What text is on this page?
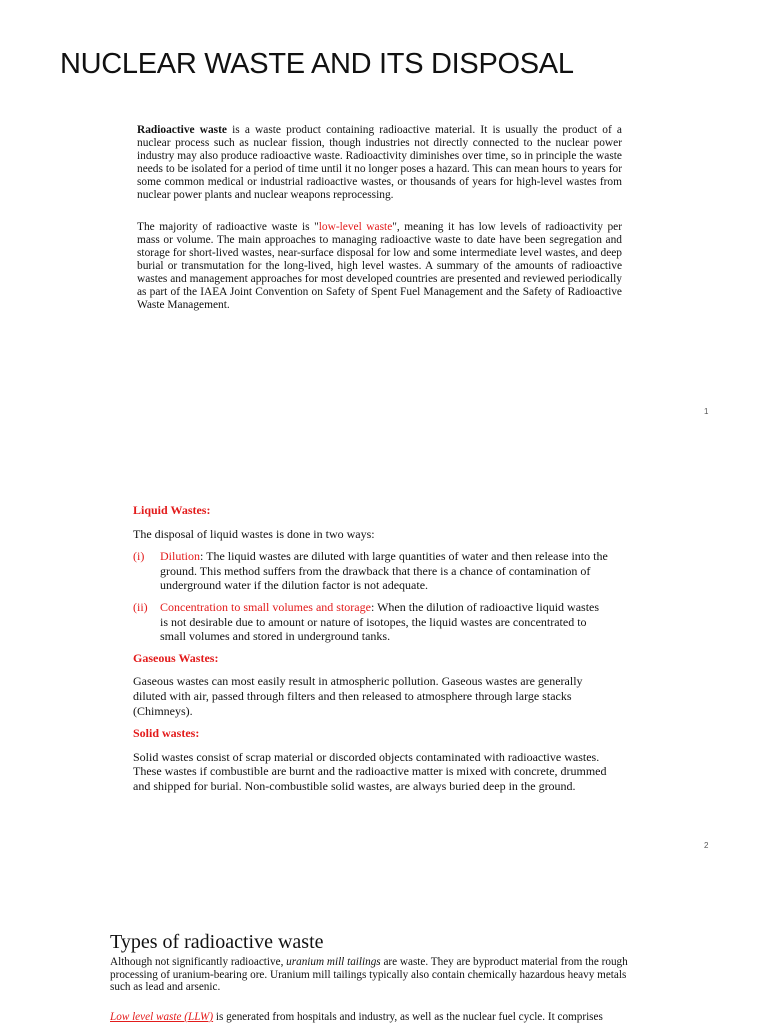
NUCLEAR WASTE AND ITS DISPOSAL

Radioactive waste is a waste product containing radioactive material. It is usually the product of a nuclear process such as nuclear fission, though industries not directly connected to the nuclear power industry may also produce radioactive waste. Radioactivity diminishes over time, so in principle the waste needs to be isolated for a period of time until it no longer poses a hazard. This can mean hours to years for some common medical or industrial radioactive wastes, or thousands of years for high-level wastes from nuclear power plants and nuclear weapons reprocessing.

The majority of radioactive waste is "low-level waste", meaning it has low levels of radioactivity per mass or volume. The main approaches to managing radioactive waste to date have been segregation and storage for short-lived wastes, near-surface disposal for low and some intermediate level wastes, and deep burial or transmutation for the long-lived, high level wastes. A summary of the amounts of radioactive wastes and management approaches for most developed countries are presented and reviewed periodically as part of the IAEA Joint Convention on Safety of Spent Fuel Management and the Safety of Radioactive Waste Management.

1
Liquid Wastes:

The disposal of liquid wastes is done in two ways:

(i)	Dilution: The liquid wastes are diluted with large quantities of water and then release into the ground. This method suffers from the drawback that there is a chance of contamination of underground water if the dilution factor is not adequate.
(ii)	Concentration to small volumes and storage: When the dilution of radioactive liquid wastes is not desirable due to amount or nature of isotopes, the liquid wastes are concentrated to small volumes and stored in underground tanks.
Gaseous Wastes:

Gaseous wastes can most easily result in atmospheric pollution. Gaseous wastes are generally diluted with air, passed through filters and then released to atmosphere through large stacks (Chimneys).

Solid wastes:

Solid wastes consist of scrap material or discorded objects contaminated with radioactive wastes. These wastes if combustible are burnt and the radioactive matter is mixed with concrete, drummed and shipped for burial. Non-combustible solid wastes, are always buried deep in the ground.

2
Types of radioactive waste

Although not significantly radioactive, uranium mill tailings are waste. They are byproduct material from the rough processing of uranium-bearing ore. Uranium mill tailings typically also contain chemically hazardous heavy metals such as lead and arsenic.

Low level waste (LLW) is generated from hospitals and industry, as well as the nuclear fuel cycle. It comprises
